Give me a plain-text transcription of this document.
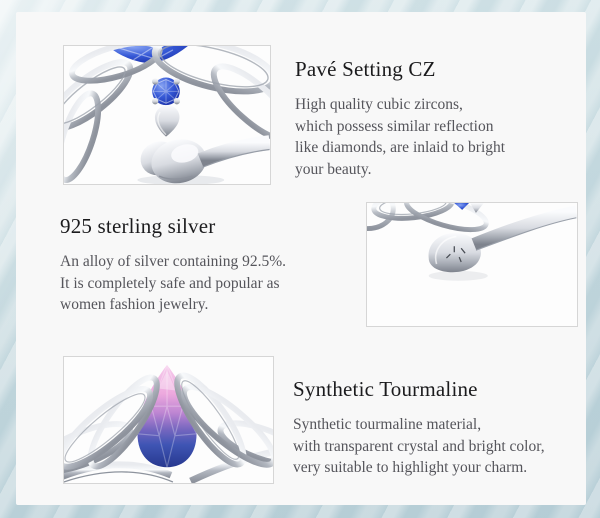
Pavé Setting CZ
High quality cubic zircons,
which possess similar reflection
like diamonds, are inlaid to bright
your beauty.
925 sterling silver
An alloy of silver containing 92.5%.
It is completely safe and popular as
women fashion jewelry.
Synthetic Tourmaline
Synthetic tourmaline material,
with transparent crystal and bright color,
very suitable to highlight your charm.
